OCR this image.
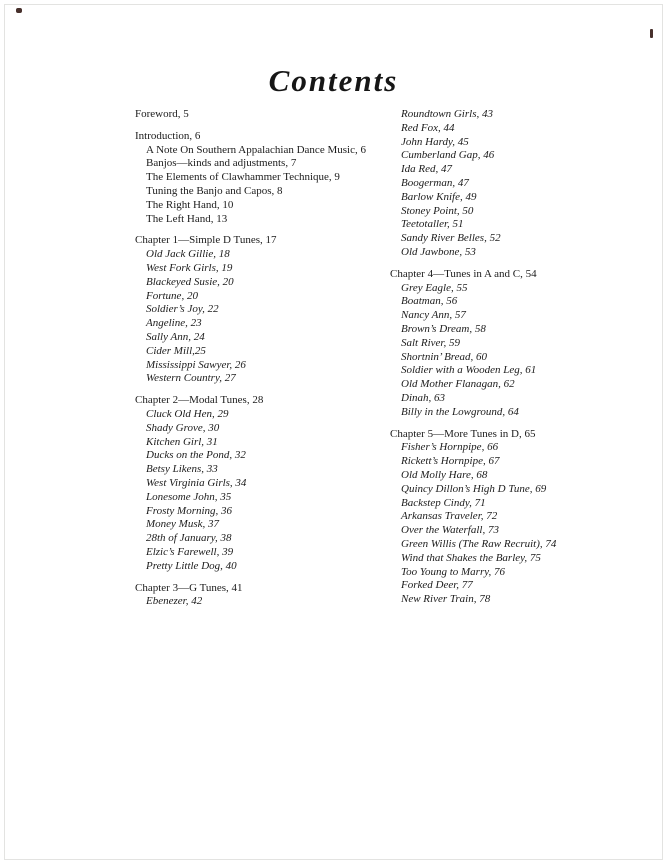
Contents
Foreword, 5
Introduction, 6
A Note On Southern Appalachian Dance Music, 6
Banjos—kinds and adjustments, 7
The Elements of Clawhammer Technique, 9
Tuning the Banjo and Capos, 8
The Right Hand, 10
The Left Hand, 13
Chapter 1—Simple D Tunes, 17
Old Jack Gillie, 18
West Fork Girls, 19
Blackeyed Susie, 20
Fortune, 20
Soldier’s Joy, 22
Angeline, 23
Sally Ann, 24
Cider Mill,25
Mississippi Sawyer, 26
Western Country, 27
Chapter 2—Modal Tunes, 28
Cluck Old Hen, 29
Shady Grove, 30
Kitchen Girl, 31
Ducks on the Pond, 32
Betsy Likens, 33
West Virginia Girls, 34
Lonesome John, 35
Frosty Morning, 36
Money Musk, 37
28th of January, 38
Elzic’s Farewell, 39
Pretty Little Dog, 40
Chapter 3—G Tunes, 41
Ebenezer, 42
Roundtown Girls, 43
Red Fox, 44
John Hardy, 45
Cumberland Gap, 46
Ida Red, 47
Boogerman, 47
Barlow Knife, 49
Stoney Point, 50
Teetotaller, 51
Sandy River Belles, 52
Old Jawbone, 53
Chapter 4—Tunes in A and C, 54
Grey Eagle, 55
Boatman, 56
Nancy Ann, 57
Brown’s Dream, 58
Salt River, 59
Shortnin’ Bread, 60
Soldier with a Wooden Leg, 61
Old Mother Flanagan, 62
Dinah, 63
Billy in the Lowground, 64
Chapter 5—More Tunes in D, 65
Fisher’s Hornpipe, 66
Rickett’s Hornpipe, 67
Old Molly Hare, 68
Quincy Dillon’s High D Tune, 69
Backstep Cindy, 71
Arkansas Traveler, 72
Over the Waterfall, 73
Green Willis (The Raw Recruit), 74
Wind that Shakes the Barley, 75
Too Young to Marry, 76
Forked Deer, 77
New River Train, 78
